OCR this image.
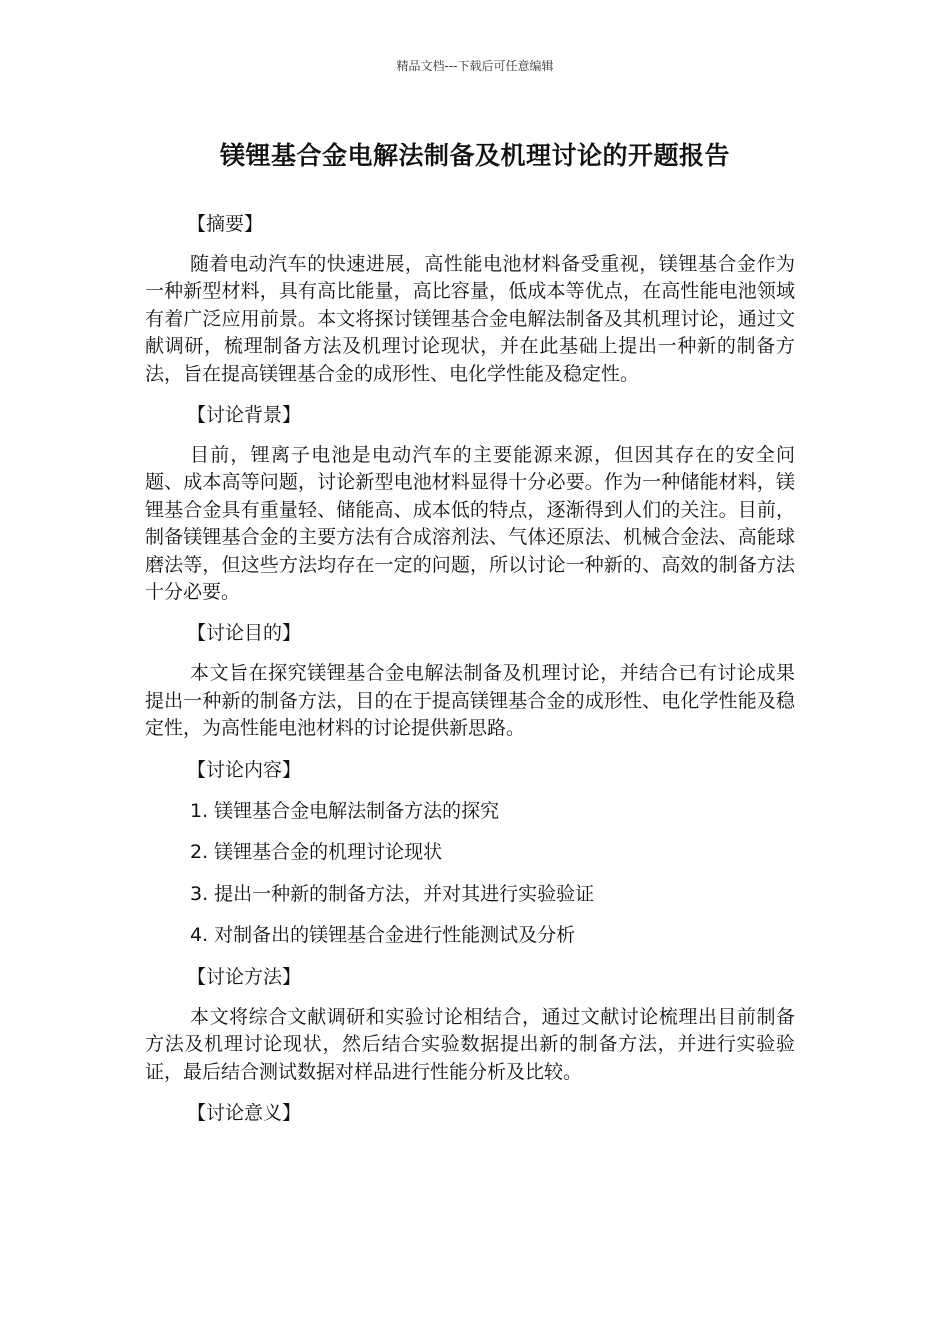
精品文档---下载后可任意编辑
镁锂基合金电解法制备及机理讨论的开题报告
【摘要】

随着电动汽车的快速进展，高性能电池材料备受重视，镁锂基合金作为一种新型材料，具有高比能量，高比容量，低成本等优点，在高性能电池领域有着广泛应用前景。本文将探讨镁锂基合金电解法制备及其机理讨论，通过文献调研，梳理制备方法及机理讨论现状，并在此基础上提出一种新的制备方法，旨在提高镁锂基合金的成形性、电化学性能及稳定性。

【讨论背景】

目前，锂离子电池是电动汽车的主要能源来源，但因其存在的安全问题、成本高等问题，讨论新型电池材料显得十分必要。作为一种储能材料，镁锂基合金具有重量轻、储能高、成本低的特点，逐渐得到人们的关注。目前，制备镁锂基合金的主要方法有合成溶剂法、气体还原法、机械合金法、高能球磨法等，但这些方法均存在一定的问题，所以讨论一种新的、高效的制备方法十分必要。

【讨论目的】

本文旨在探究镁锂基合金电解法制备及机理讨论，并结合已有讨论成果提出一种新的制备方法，目的在于提高镁锂基合金的成形性、电化学性能及稳定性，为高性能电池材料的讨论提供新思路。

【讨论内容】
1. 镁锂基合金电解法制备方法的探究
2. 镁锂基合金的机理讨论现状
3. 提出一种新的制备方法，并对其进行实验验证
4. 对制备出的镁锂基合金进行性能测试及分析
【讨论方法】

本文将综合文献调研和实验讨论相结合，通过文献讨论梳理出目前制备方法及机理讨论现状，然后结合实验数据提出新的制备方法，并进行实验验证，最后结合测试数据对样品进行性能分析及比较。

【讨论意义】
